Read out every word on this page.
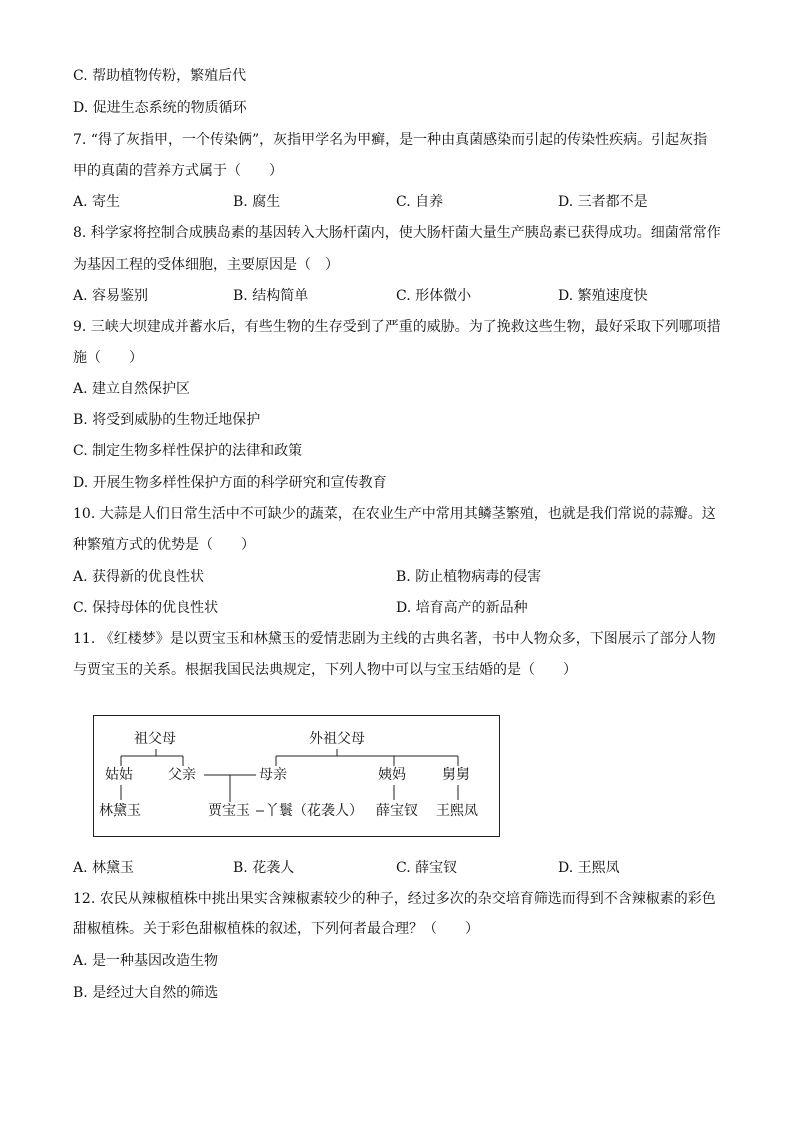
C. 帮助植物传粉，繁殖后代
D. 促进生态系统的物质循环
7. “得了灰指甲，一个传染俩”，灰指甲学名为甲癣，是一种由真菌感染而引起的传染性疾病。引起灰指
甲的真菌的营养方式属于（　　）
A. 寄生	B. 腐生	C. 自养	D. 三者都不是
8. 科学家将控制合成胰岛素的基因转入大肠杆菌内，使大肠杆菌大量生产胰岛素已获得成功。细菌常常作
为基因工程的受体细胞，主要原因是（　）
A. 容易鉴别	B. 结构简单	C. 形体微小	D. 繁殖速度快
9. 三峡大坝建成并蓄水后，有些生物的生存受到了严重的威胁。为了挽救这些生物，最好采取下列哪项措
施（　　）
A. 建立自然保护区
B. 将受到威胁的生物迁地保护
C. 制定生物多样性保护的法律和政策
D. 开展生物多样性保护方面的科学研究和宣传教育
10. 大蒜是人们日常生活中不可缺少的蔬菜，在农业生产中常用其鳞茎繁殖，也就是我们常说的蒜瓣。这
种繁殖方式的优势是（　　）
A. 获得新的优良性状	B. 防止植物病毒的侵害
C. 保持母体的优良性状	D. 培育高产的新品种
11. 《红楼梦》是以贾宝玉和林黛玉的爱情悲剧为主线的古典名著，书中人物众多，下图展示了部分人物
与贾宝玉的关系。根据我国民法典规定，下列人物中可以与宝玉结婚的是（　　）
祖父母	外祖父母
姑姑	父亲	母亲	姨妈	舅舅
林黛玉	贾宝玉 丫鬟（花袭人） 薛宝钗 王熙凤
A. 林黛玉	B. 花袭人	C. 薛宝钗	D. 王熙凤
12. 农民从辣椒植株中挑出果实含辣椒素较少的种子，经过多次的杂交培育筛选而得到不含辣椒素的彩色
甜椒植株。关于彩色甜椒植株的叙述，下列何者最合理？（　　）
A. 是一种基因改造生物
B. 是经过大自然的筛选
